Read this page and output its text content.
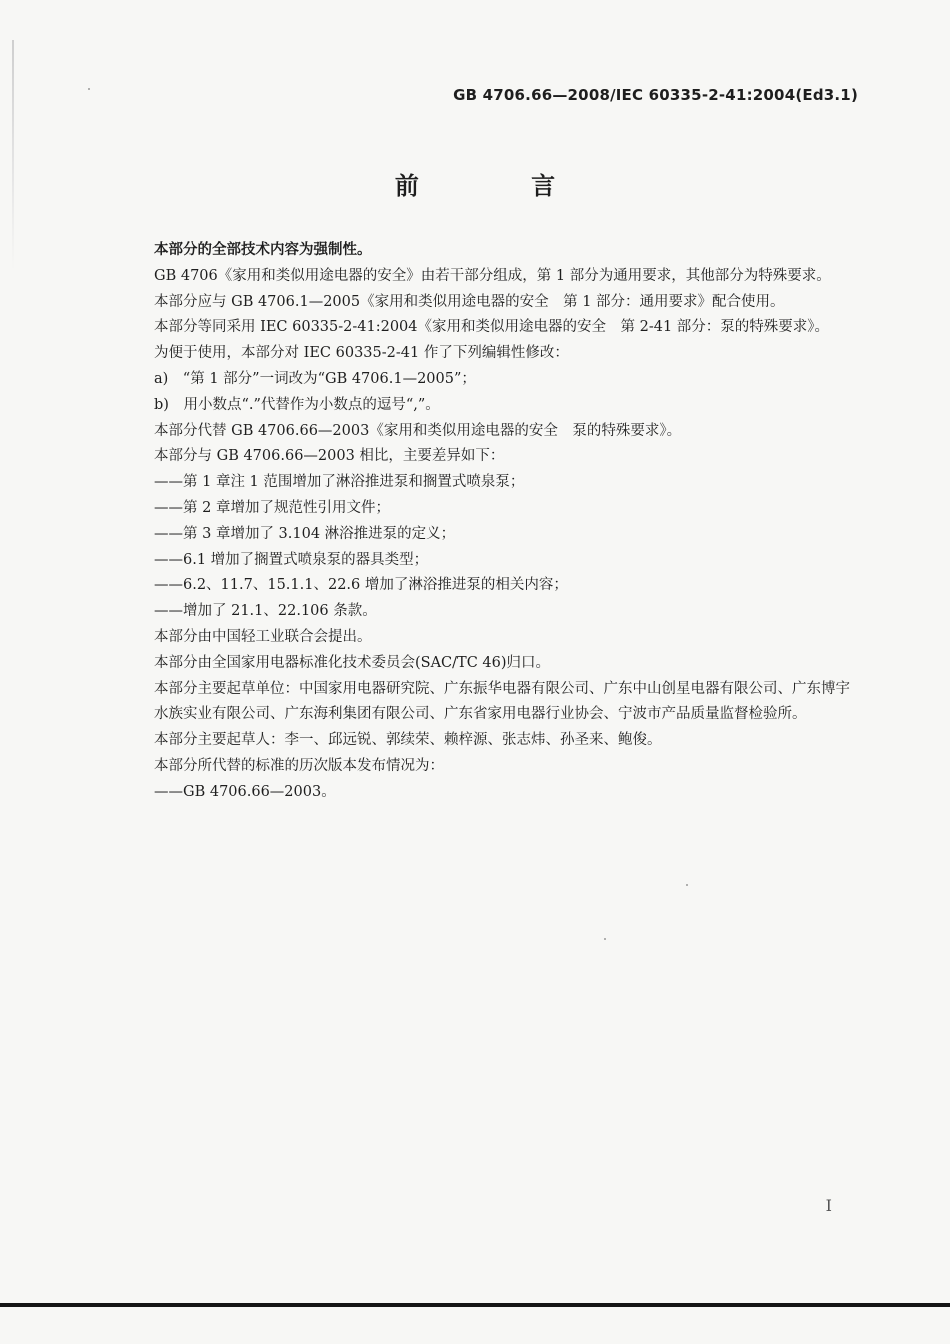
GB 4706.66—2008/IEC 60335-2-41:2004(Ed3.1)
前 言
本部分的全部技术内容为强制性。
GB 4706《家用和类似用途电器的安全》由若干部分组成，第 1 部分为通用要求，其他部分为特殊要求。
本部分应与 GB 4706.1—2005《家用和类似用途电器的安全　第 1 部分：通用要求》配合使用。
本部分等同采用 IEC 60335-2-41:2004《家用和类似用途电器的安全　第 2-41 部分：泵的特殊要求》。
为便于使用，本部分对 IEC 60335-2-41 作了下列编辑性修改：
a)　“第 1 部分”一词改为“GB 4706.1—2005”；
b)　用小数点“.”代替作为小数点的逗号“,”。
本部分代替 GB 4706.66—2003《家用和类似用途电器的安全　泵的特殊要求》。
本部分与 GB 4706.66—2003 相比，主要差异如下：
——第 1 章注 1 范围增加了淋浴推进泵和搁置式喷泉泵；
——第 2 章增加了规范性引用文件；
——第 3 章增加了 3.104 淋浴推进泵的定义；
——6.1 增加了搁置式喷泉泵的器具类型；
——6.2、11.7、15.1.1、22.6 增加了淋浴推进泵的相关内容；
——增加了 21.1、22.106 条款。
本部分由中国轻工业联合会提出。
本部分由全国家用电器标准化技术委员会(SAC/TC 46)归口。
本部分主要起草单位：中国家用电器研究院、广东振华电器有限公司、广东中山创星电器有限公司、广东博宇水族实业有限公司、广东海利集团有限公司、广东省家用电器行业协会、宁波市产品质量监督检验所。
本部分主要起草人：李一、邱远锐、郭续荣、赖梓源、张志炜、孙圣来、鲍俊。
本部分所代替的标准的历次版本发布情况为：
——GB 4706.66—2003。
I
